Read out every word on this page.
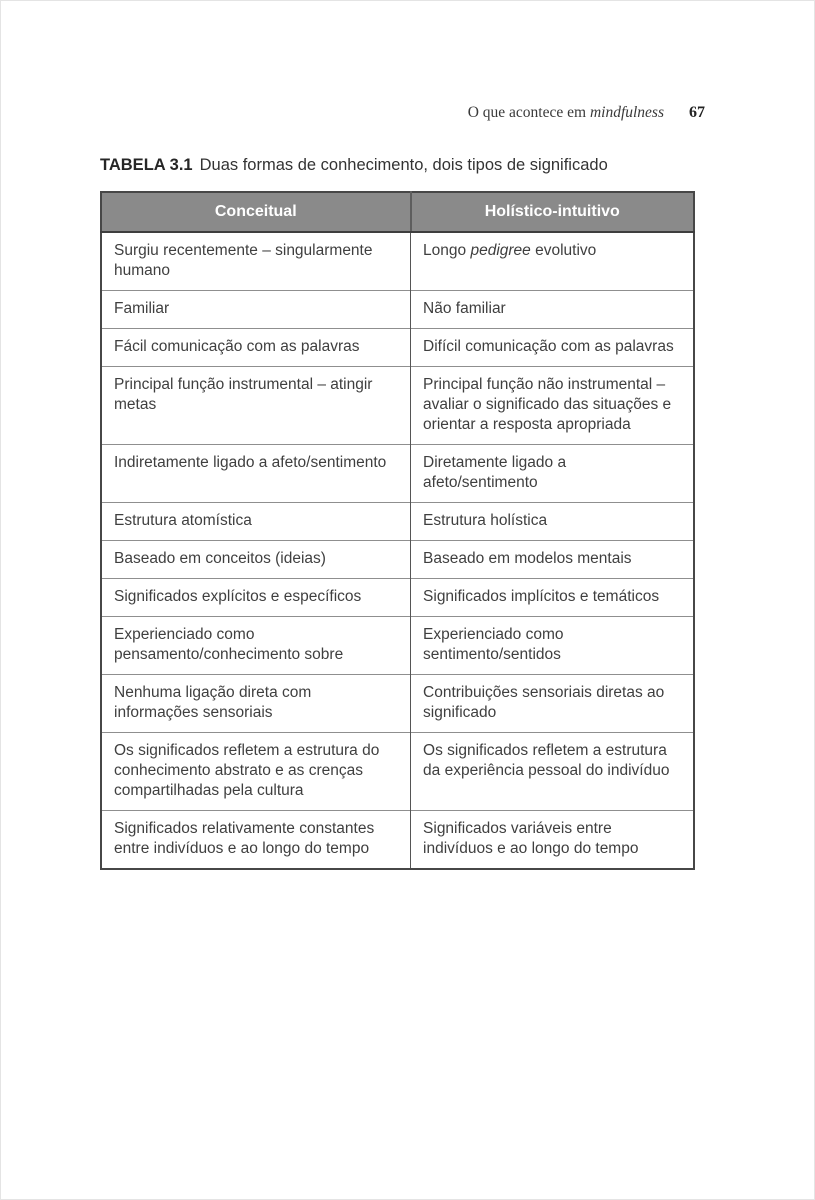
O que acontece em mindfulness 67
TABELA 3.1 Duas formas de conhecimento, dois tipos de significado
Conceitual	Holístico-intuitivo
Surgiu recentemente – singularmente humano	Longo pedigree evolutivo
Familiar	Não familiar
Fácil comunicação com as palavras	Difícil comunicação com as palavras
Principal função instrumental – atingir metas	Principal função não instrumental – avaliar o significado das situações e orientar a resposta apropriada
Indiretamente ligado a afeto/sentimento	Diretamente ligado a afeto/sentimento
Estrutura atomística	Estrutura holística
Baseado em conceitos (ideias)	Baseado em modelos mentais
Significados explícitos e específicos	Significados implícitos e temáticos
Experienciado como pensamento/conhecimento sobre	Experienciado como sentimento/sentidos
Nenhuma ligação direta com informações sensoriais	Contribuições sensoriais diretas ao significado
Os significados refletem a estrutura do conhecimento abstrato e as crenças compartilhadas pela cultura	Os significados refletem a estrutura da experiência pessoal do indivíduo
Significados relativamente constantes entre indivíduos e ao longo do tempo	Significados variáveis entre indivíduos e ao longo do tempo
